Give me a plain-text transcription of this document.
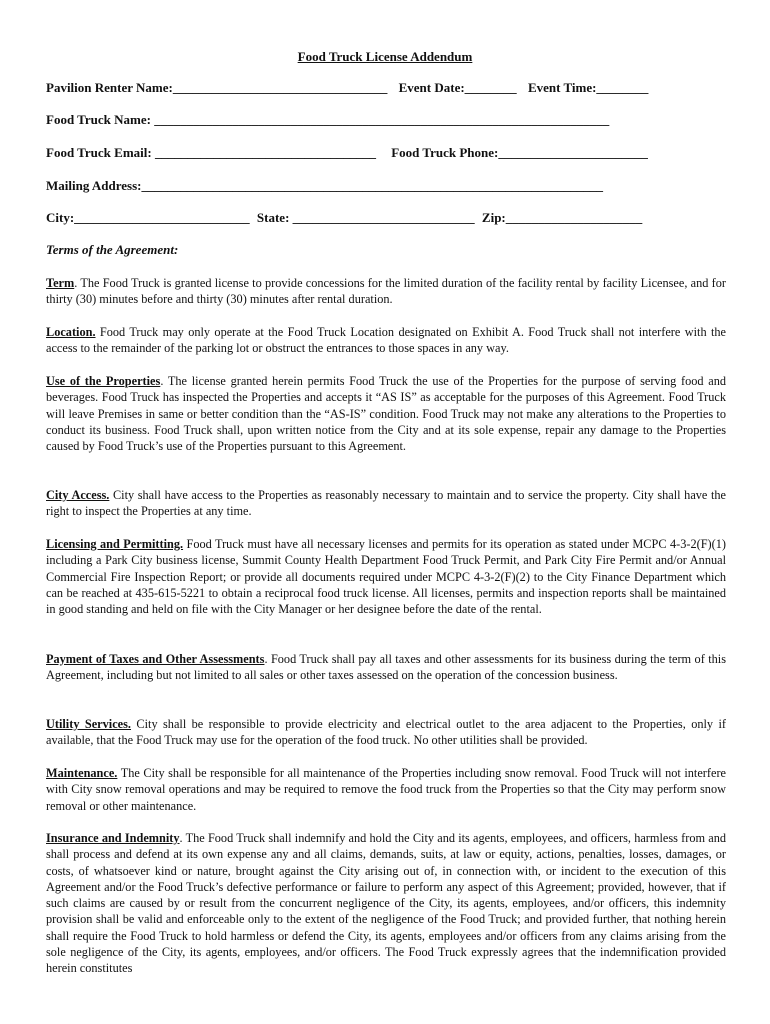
Food Truck License Addendum
Pavilion Renter Name:_________________________________ Event Date:________ Event Time:________
Food Truck Name: ______________________________________________________________________
Food Truck Email: __________________________________ Food Truck Phone:_______________________
Mailing Address:_______________________________________________________________________
City:___________________________ State: ____________________________ Zip:_____________________
Terms of the Agreement:

Term. The Food Truck is granted license to provide concessions for the limited duration of the facility rental by facility Licensee, and for thirty (30) minutes before and thirty (30) minutes after rental duration.

Location. Food Truck may only operate at the Food Truck Location designated on Exhibit A. Food Truck shall not interfere with the access to the remainder of the parking lot or obstruct the entrances to those spaces in any way.

Use of the Properties. The license granted herein permits Food Truck the use of the Properties for the purpose of serving food and beverages. Food Truck has inspected the Properties and accepts it “AS IS” as acceptable for the purposes of this Agreement. Food Truck will leave Premises in same or better condition than the “AS-IS” condition. Food Truck may not make any alterations to the Properties to conduct its business. Food Truck shall, upon written notice from the City and at its sole expense, repair any damage to the Properties caused by Food Truck’s use of the Properties pursuant to this Agreement.

City Access. City shall have access to the Properties as reasonably necessary to maintain and to service the property. City shall have the right to inspect the Properties at any time.

Licensing and Permitting. Food Truck must have all necessary licenses and permits for its operation as stated under MCPC 4-3-2(F)(1) including a Park City business license, Summit County Health Department Food Truck Permit, and Park City Fire Permit and/or Annual Commercial Fire Inspection Report; or provide all documents required under MCPC 4-3-2(F)(2) to the City Finance Department which can be reached at 435-615-5221 to obtain a reciprocal food truck license. All licenses, permits and inspection reports shall be maintained in good standing and held on file with the City Manager or her designee before the date of the rental.

Payment of Taxes and Other Assessments. Food Truck shall pay all taxes and other assessments for its business during the term of this Agreement, including but not limited to all sales or other taxes assessed on the operation of the concession business.

Utility Services. City shall be responsible to provide electricity and electrical outlet to the area adjacent to the Properties, only if available, that the Food Truck may use for the operation of the food truck. No other utilities shall be provided.

Maintenance. The City shall be responsible for all maintenance of the Properties including snow removal. Food Truck will not interfere with City snow removal operations and may be required to remove the food truck from the Properties so that the City may perform snow removal or other maintenance.

Insurance and Indemnity. The Food Truck shall indemnify and hold the City and its agents, employees, and officers, harmless from and shall process and defend at its own expense any and all claims, demands, suits, at law or equity, actions, penalties, losses, damages, or costs, of whatsoever kind or nature, brought against the City arising out of, in connection with, or incident to the execution of this Agreement and/or the Food Truck’s defective performance or failure to perform any aspect of this Agreement; provided, however, that if such claims are caused by or result from the concurrent negligence of the City, its agents, employees, and/or officers, this indemnity provision shall be valid and enforceable only to the extent of the negligence of the Food Truck; and provided further, that nothing herein shall require the Food Truck to hold harmless or defend the City, its agents, employees and/or officers from any claims arising from the sole negligence of the City, its agents, employees, and/or officers. The Food Truck expressly agrees that the indemnification provided herein constitutes
